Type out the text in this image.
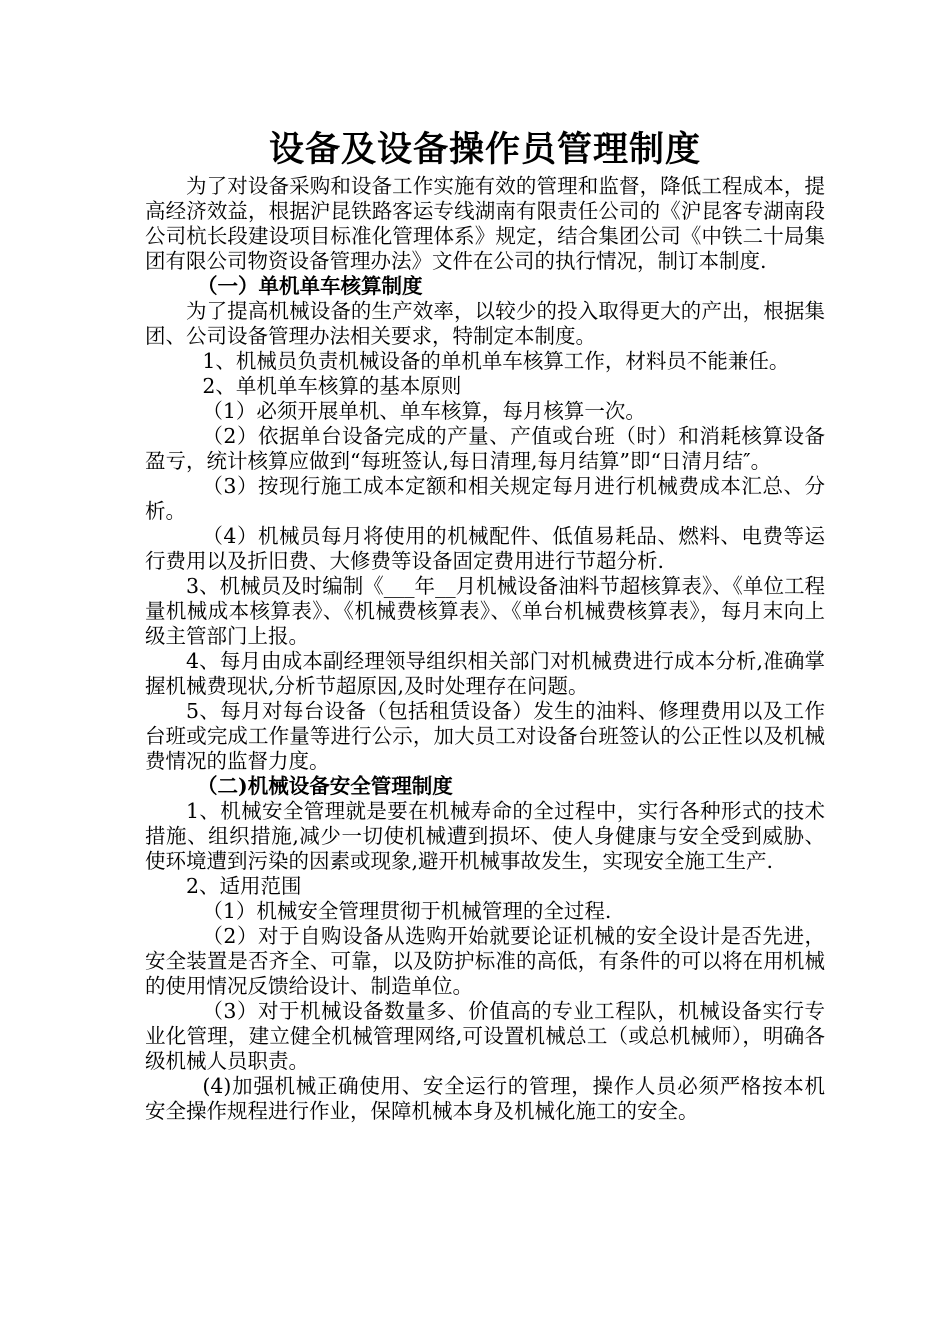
设备及设备操作员管理制度

为了对设备采购和设备工作实施有效的管理和监督，降低工程成本，提高经济效益，根据沪昆铁路客运专线湖南有限责任公司的《沪昆客专湖南段公司杭长段建设项目标准化管理体系》规定，结合集团公司《中铁二十局集团有限公司物资设备管理办法》文件在公司的执行情况，制订本制度.

（一）单机单车核算制度

为了提高机械设备的生产效率，以较少的投入取得更大的产出，根据集团、公司设备管理办法相关要求，特制定本制度。

1、机械员负责机械设备的单机单车核算工作，材料员不能兼任。

2、单机单车核算的基本原则

（1）必须开展单机、单车核算，每月核算一次。

（2）依据单台设备完成的产量、产值或台班（时）和消耗核算设备盈亏，统计核算应做到“每班签认,每日清理,每月结算”即“日清月结″。

（3）按现行施工成本定额和相关规定每月进行机械费成本汇总、分析。

（4）机械员每月将使用的机械配件、低值易耗品、燃料、电费等运行费用以及折旧费、大修费等设备固定费用进行节超分析.

3、机械员及时编制《___年__月机械设备油料节超核算表》、《单位工程量机械成本核算表》、《机械费核算表》、《单台机械费核算表》，每月末向上级主管部门上报。

4、每月由成本副经理领导组织相关部门对机械费进行成本分析,准确掌握机械费现状,分析节超原因,及时处理存在问题。

5、每月对每台设备（包括租赁设备）发生的油料、修理费用以及工作台班或完成工作量等进行公示，加大员工对设备台班签认的公正性以及机械费情况的监督力度。

（二)机械设备安全管理制度

1、机械安全管理就是要在机械寿命的全过程中，实行各种形式的技术措施、组织措施,减少一切使机械遭到损坏、使人身健康与安全受到威胁、使环境遭到污染的因素或现象,避开机械事故发生，实现安全施工生产.

2、适用范围

（1）机械安全管理贯彻于机械管理的全过程.

（2）对于自购设备从选购开始就要论证机械的安全设计是否先进，安全装置是否齐全、可靠，以及防护标准的高低，有条件的可以将在用机械的使用情况反馈给设计、制造单位。

（3）对于机械设备数量多、价值高的专业工程队，机械设备实行专业化管理，建立健全机械管理网络,可设置机械总工（或总机械师），明确各级机械人员职责。

(4)加强机械正确使用、安全运行的管理，操作人员必须严格按本机安全操作规程进行作业，保障机械本身及机械化施工的安全。
